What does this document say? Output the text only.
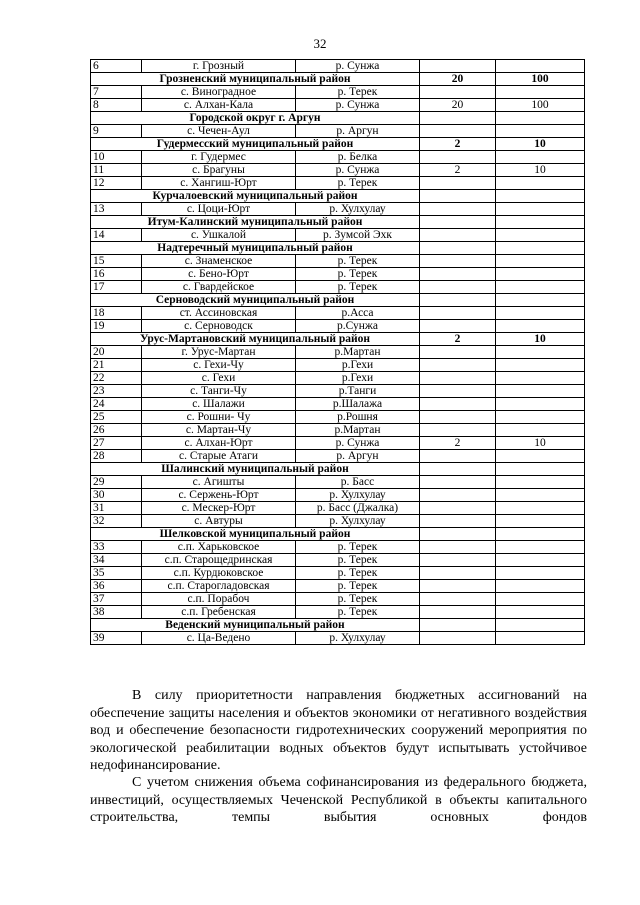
32
6	г. Грозный	р. Сунжа		
Грозненский муниципальный район			20	100
7	с. Виноградное	р. Терек		
8	с. Алхан-Кала	р. Сунжа	20	100
Городской округ г. Аргун				
9	с. Чечен-Аул	р. Аргун		
Гудермесский муниципальный район			2	10
10	г. Гудермес	р. Белка		
11	с. Брагуны	р. Сунжа	2	10
12	с. Хангиш-Юрт	р. Терек		
Курчалоевский муниципальный район				
13	с. Цоци-Юрт	р. Хулхулау		
Итум-Калинский муниципальный район				
14	с. Ушкалой	р. Зумсой Эхк		
Надтеречный муниципальный район				
15	с. Знаменское	р. Терек		
16	с. Бено-Юрт	р. Терек		
17	с. Гвардейское	р. Терек		
Серноводский муниципальный район				
18	ст. Ассиновская	р.Асса		
19	с. Серноводск	р.Сунжа		
Урус-Мартановский муниципальный район			2	10
20	г. Урус-Мартан	р.Мартан		
21	с. Гехи-Чу	р.Гехи		
22	с. Гехи	р.Гехи		
23	с. Танги-Чу	р.Танги		
24	с. Шалажи	р.Шалажа		
25	с. Рошни- Чу	р.Рошня		
26	с. Мартан-Чу	р.Мартан		
27	с. Алхан-Юрт	р. Сунжа	2	10
28	с. Старые Атаги	р. Аргун		
Шалинский муниципальный район				
29	с. Агишты	р. Басс		
30	с. Сержень-Юрт	р. Хулхулау		
31	с. Мескер-Юрт	р. Басс (Джалка)		
32	с. Автуры	р. Хулхулау		
Шелковской муниципальный район				
33	с.п. Харьковское	р. Терек		
34	с.п. Старощедринская	р. Терек		
35	с.п. Курдюковское	р. Терек		
36	с.п. Старогладовская	р. Терек		
37	с.п. Порабоч	р. Терек		
38	с.п. Гребенская	р. Терек		
Веденский муниципальный район				
39	с. Ца-Ведено	р. Хулхулау		

В силу приоритетности направления бюджетных ассигнований на обеспечение защиты населения и объектов экономики от негативного воздействия вод и обеспечение безопасности гидротехнических сооружений мероприятия по экологической реабилитации водных объектов будут испытывать устойчивое недофинансирование.

С учетом снижения объема софинансирования из федерального бюджета, инвестиций, осуществляемых Чеченской Республикой в объекты капитального строительства, темпы выбытия основных фондов
